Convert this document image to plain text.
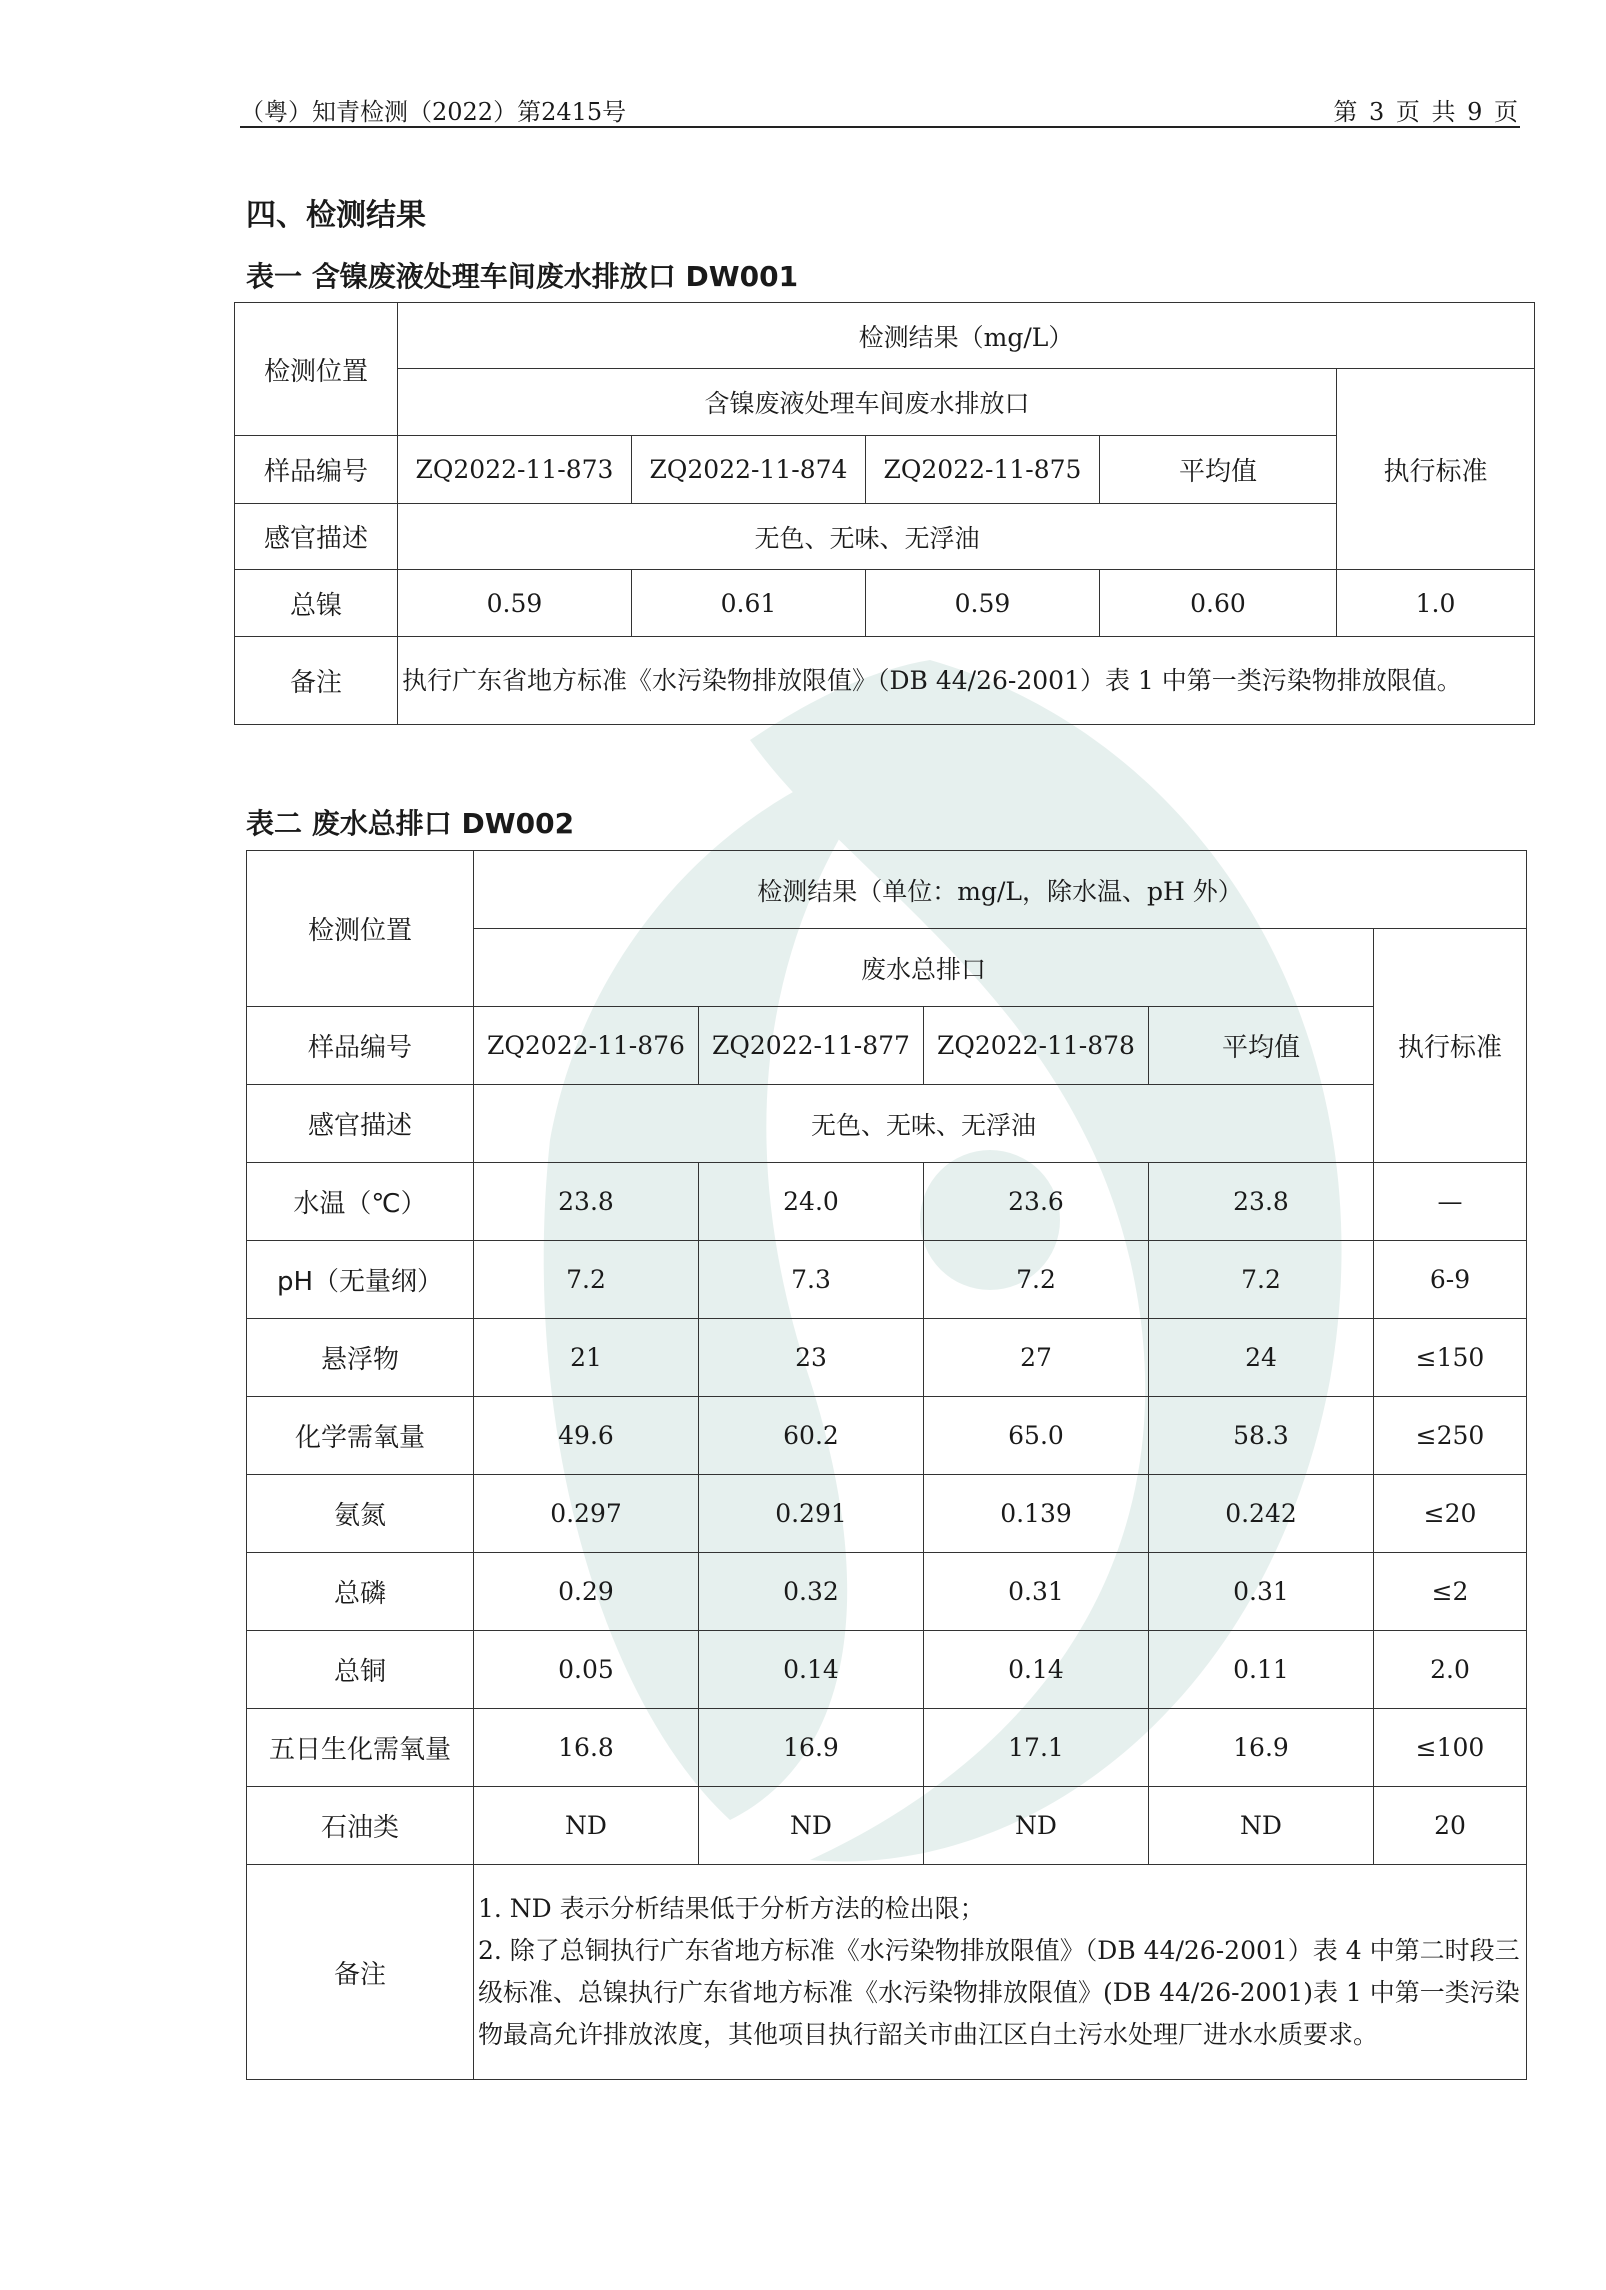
（粤）知青检测（2022）第2415号	第 3 页 共 9 页
四、检测结果
表一 含镍废液处理车间废水排放口 DW001
检测位置	检测结果（mg/L）				
	含镍废液处理车间废水排放口				执行标准
样品编号	ZQ2022-11-873	ZQ2022-11-874	ZQ2022-11-875	平均值	
感官描述	无色、无味、无浮油				
总镍	0.59	0.61	0.59	0.60	1.0
备注	执行广东省地方标准《水污染物排放限值》（DB 44/26-2001）表 1 中第一类污染物排放限值。				
表二 废水总排口 DW002
检测位置	检测结果（单位：mg/L，除水温、pH 外）				
	废水总排口				执行标准
样品编号	ZQ2022-11-876	ZQ2022-11-877	ZQ2022-11-878	平均值	
感官描述	无色、无味、无浮油				
水温（℃）	23.8	24.0	23.6	23.8	—
pH（无量纲）	7.2	7.3	7.2	7.2	6-9
悬浮物	21	23	27	24	≤150
化学需氧量	49.6	60.2	65.0	58.3	≤250
氨氮	0.297	0.291	0.139	0.242	≤20
总磷	0.29	0.32	0.31	0.31	≤2
总铜	0.05	0.14	0.14	0.11	2.0
五日生化需氧量	16.8	16.9	17.1	16.9	≤100
石油类	ND	ND	ND	ND	20
备注	1. ND 表示分析结果低于分析方法的检出限；
2. 除了总铜执行广东省地方标准《水污染物排放限值》（DB 44/26-2001）表 4 中第二时段三级标准、总镍执行广东省地方标准《水污染物排放限值》(DB 44/26-2001)表 1 中第一类污染物最高允许排放浓度，其他项目执行韶关市曲江区白土污水处理厂进水水质要求。				
